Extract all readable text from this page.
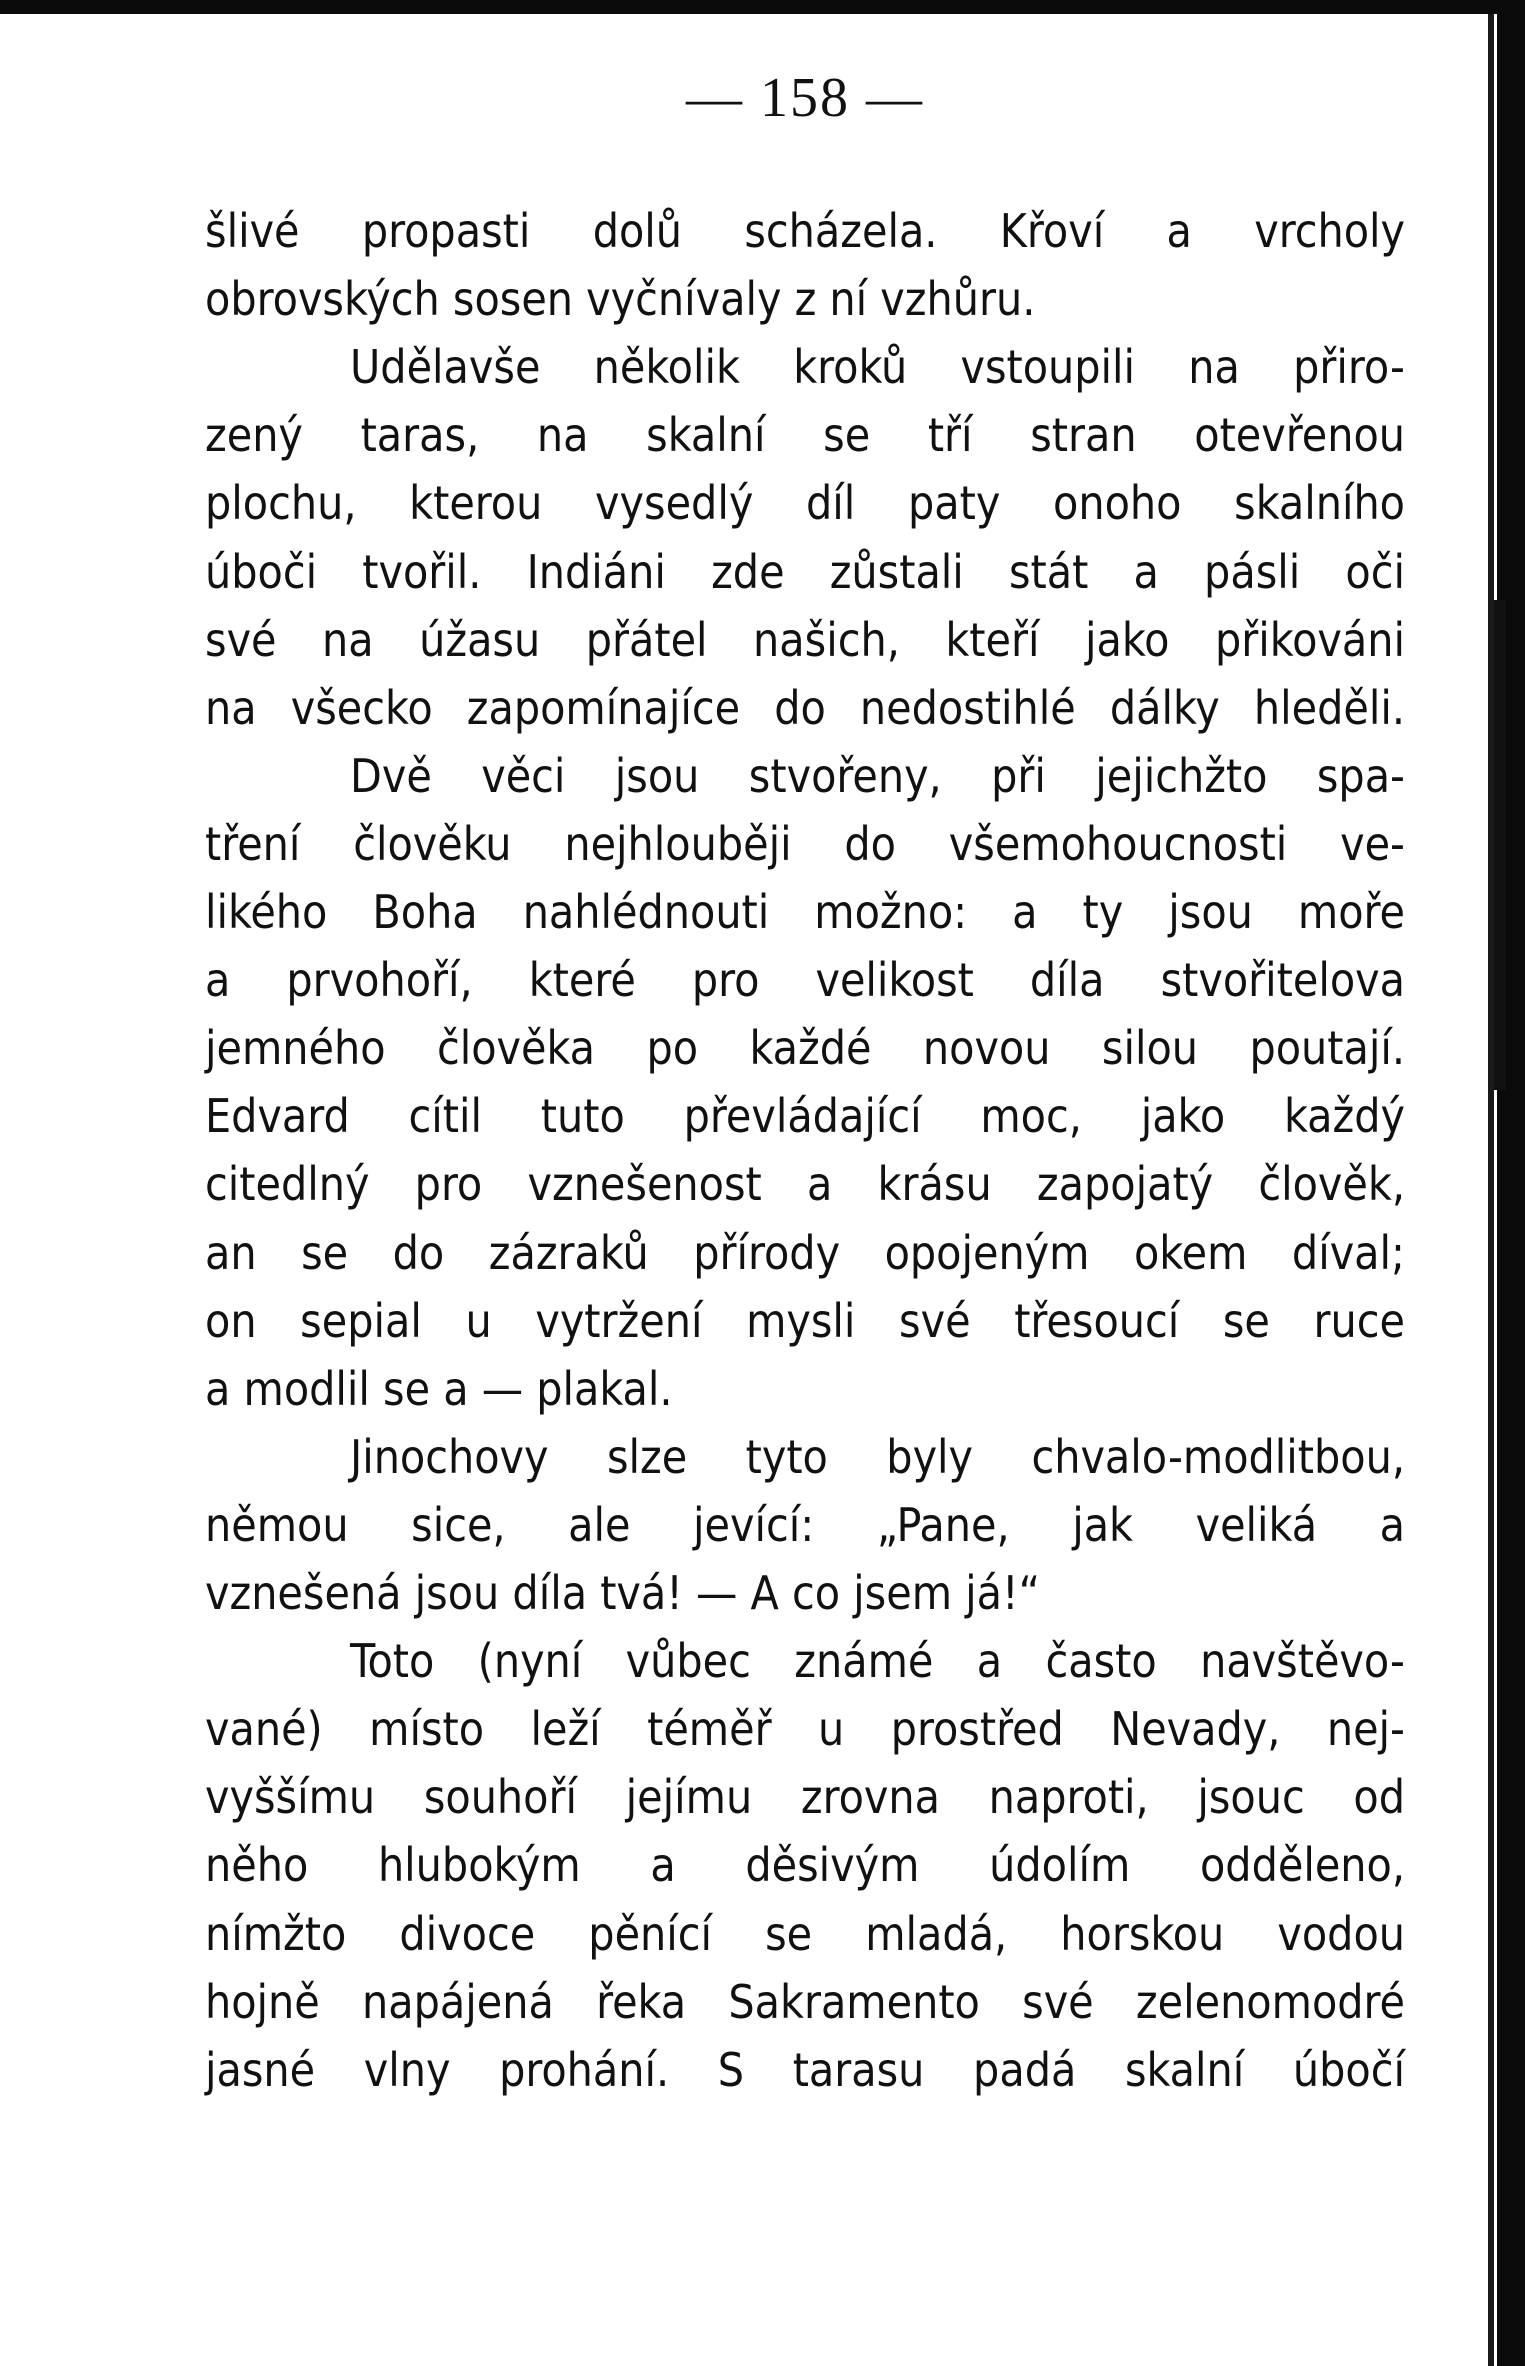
— 158 —
šlivé propasti dolů scházela. Křoví a vrcholy
obrovských sosen vyčnívaly z ní vzhůru.
Udělavše několik kroků vstoupili na přiro-
zený taras, na skalní se tří stran otevřenou
plochu, kterou vysedlý díl paty onoho skalního
úboči tvořil. Indiáni zde zůstali stát a pásli oči
své na úžasu přátel našich, kteří jako přikováni
na všecko zapomínajíce do nedostihlé dálky hleděli.
Dvě věci jsou stvořeny, při jejichžto spa-
tření člověku nejhlouběji do všemohoucnosti ve-
likého Boha nahlédnouti možno: a ty jsou moře
a prvohoří, které pro velikost díla stvořitelova
jemného člověka po každé novou silou poutají.
Edvard cítil tuto převládající moc, jako každý
citedlný pro vznešenost a krásu zapojatý člověk,
an se do zázraků přírody opojeným okem díval;
on sepial u vytržení mysli své třesoucí se ruce
a modlil se a — plakal.
Jinochovy slze tyto byly chvalo-modlitbou,
němou sice, ale jevící: „Pane, jak veliká a
vznešená jsou díla tvá! — A co jsem já!“
Toto (nyní vůbec známé a často navštěvo-
vané) místo leží téměř u prostřed Nevady, nej-
vyššímu souhoří jejímu zrovna naproti, jsouc od
něho hlubokým a děsivým údolím odděleno,
nímžto divoce pěnící se mladá, horskou vodou
hojně napájená řeka Sakramento své zelenomodré
jasné vlny prohání. S tarasu padá skalní úbočí
